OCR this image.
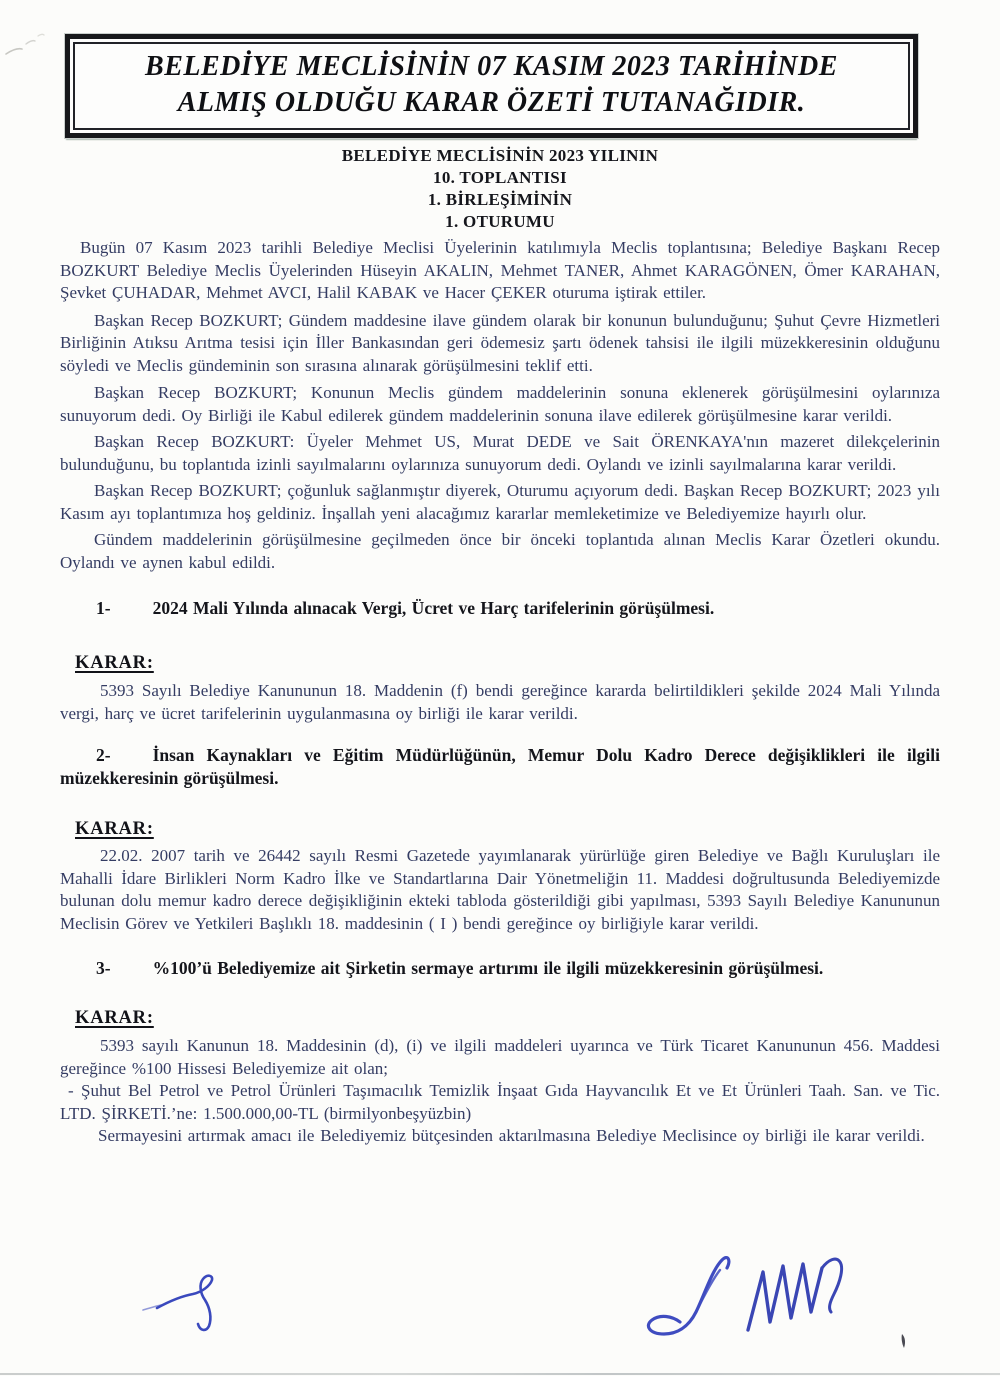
BELEDİYE MECLİSİNİN 07 KASIM 2023 TARİHİNDE
ALMIŞ OLDUĞU KARAR ÖZETİ TUTANAĞIDIR.
BELEDİYE MECLİSİNİN 2023 YILININ
10. TOPLANTISI
1. BİRLEŞİMİNİN
1. OTURUMU

Bugün 07 Kasım 2023 tarihli Belediye Meclisi Üyelerinin katılımıyla Meclis toplantısına; Belediye Başkanı Recep BOZKURT Belediye Meclis Üyelerinden Hüseyin AKALIN, Mehmet TANER, Ahmet KARAGÖNEN, Ömer KARAHAN, Şevket ÇUHADAR, Mehmet AVCI, Halil KABAK ve Hacer ÇEKER oturuma iştirak ettiler.

Başkan Recep BOZKURT; Gündem maddesine ilave gündem olarak bir konunun bulunduğunu; Şuhut Çevre Hizmetleri Birliğinin Atıksu Arıtma tesisi için İller Bankasından geri ödemesiz şartı ödenek tahsisi ile ilgili müzekkeresinin olduğunu söyledi ve Meclis gündeminin son sırasına alınarak görüşülmesini teklif etti.

Başkan Recep BOZKURT; Konunun Meclis gündem maddelerinin sonuna eklenerek görüşülmesini oylarınıza sunuyorum dedi. Oy Birliği ile Kabul edilerek gündem maddelerinin sonuna ilave edilerek görüşülmesine karar verildi.

Başkan Recep BOZKURT: Üyeler Mehmet US, Murat DEDE ve Sait ÖRENKAYA'nın mazeret dilekçelerinin bulunduğunu, bu toplantıda izinli sayılmalarını oylarınıza sunuyorum dedi. Oylandı ve izinli sayılmalarına karar verildi.

Başkan Recep BOZKURT; çoğunluk sağlanmıştır diyerek, Oturumu açıyorum dedi. Başkan Recep BOZKURT; 2023 yılı Kasım ayı toplantımıza hoş geldiniz. İnşallah yeni alacağımız kararlar memleketimize ve Belediyemize hayırlı olur.

Gündem maddelerinin görüşülmesine geçilmeden önce bir önceki toplantıda alınan Meclis Karar Özetleri okundu. Oylandı ve aynen kabul edildi.

1- 2024 Mali Yılında alınacak Vergi, Ücret ve Harç tarifelerinin görüşülmesi.

KARAR:

5393 Sayılı Belediye Kanununun 18. Maddenin (f) bendi gereğince kararda belirtildikleri şekilde 2024 Mali Yılında vergi, harç ve ücret tarifelerinin uygulanmasına oy birliği ile karar verildi.

2- İnsan Kaynakları ve Eğitim Müdürlüğünün, Memur Dolu Kadro Derece değişiklikleri ile ilgili müzekkeresinin görüşülmesi.

KARAR:

22.02. 2007 tarih ve 26442 sayılı Resmi Gazetede yayımlanarak yürürlüğe giren Belediye ve Bağlı Kuruluşları ile Mahalli İdare Birlikleri Norm Kadro İlke ve Standartlarına Dair Yönetmeliğin 11. Maddesi doğrultusunda Belediyemizde bulunan dolu memur kadro derece değişikliğinin ekteki tabloda gösterildiği gibi yapılması, 5393 Sayılı Belediye Kanununun Meclisin Görev ve Yetkileri Başlıklı 18. maddesinin ( I ) bendi gereğince oy birliğiyle karar verildi.

3- %100’ü Belediyemize ait Şirketin sermaye artırımı ile ilgili müzekkeresinin görüşülmesi.

KARAR:

5393 sayılı Kanunun 18. Maddesinin (d), (i) ve ilgili maddeleri uyarınca ve Türk Ticaret Kanununun 456. Maddesi gereğince %100 Hissesi Belediyemize ait olan;

- Şuhut Bel Petrol ve Petrol Ürünleri Taşımacılık Temizlik İnşaat Gıda Hayvancılık Et ve Et Ürünleri Taah. San. ve Tic. LTD. ŞİRKETİ.’ne: 1.500.000,00-TL (birmilyonbeşyüzbin)

Sermayesini artırmak amacı ile Belediyemiz bütçesinden aktarılmasına Belediye Meclisince oy birliği ile karar verildi.
